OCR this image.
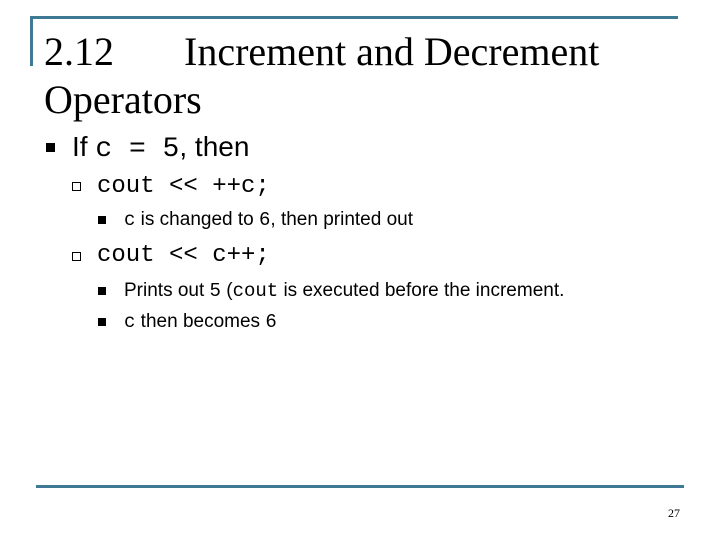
2.12 Increment and Decrement Operators
If c = 5, then
cout << ++c;
c is changed to 6, then printed out
cout << c++;
Prints out 5 (cout is executed before the increment.
c then becomes 6
27
